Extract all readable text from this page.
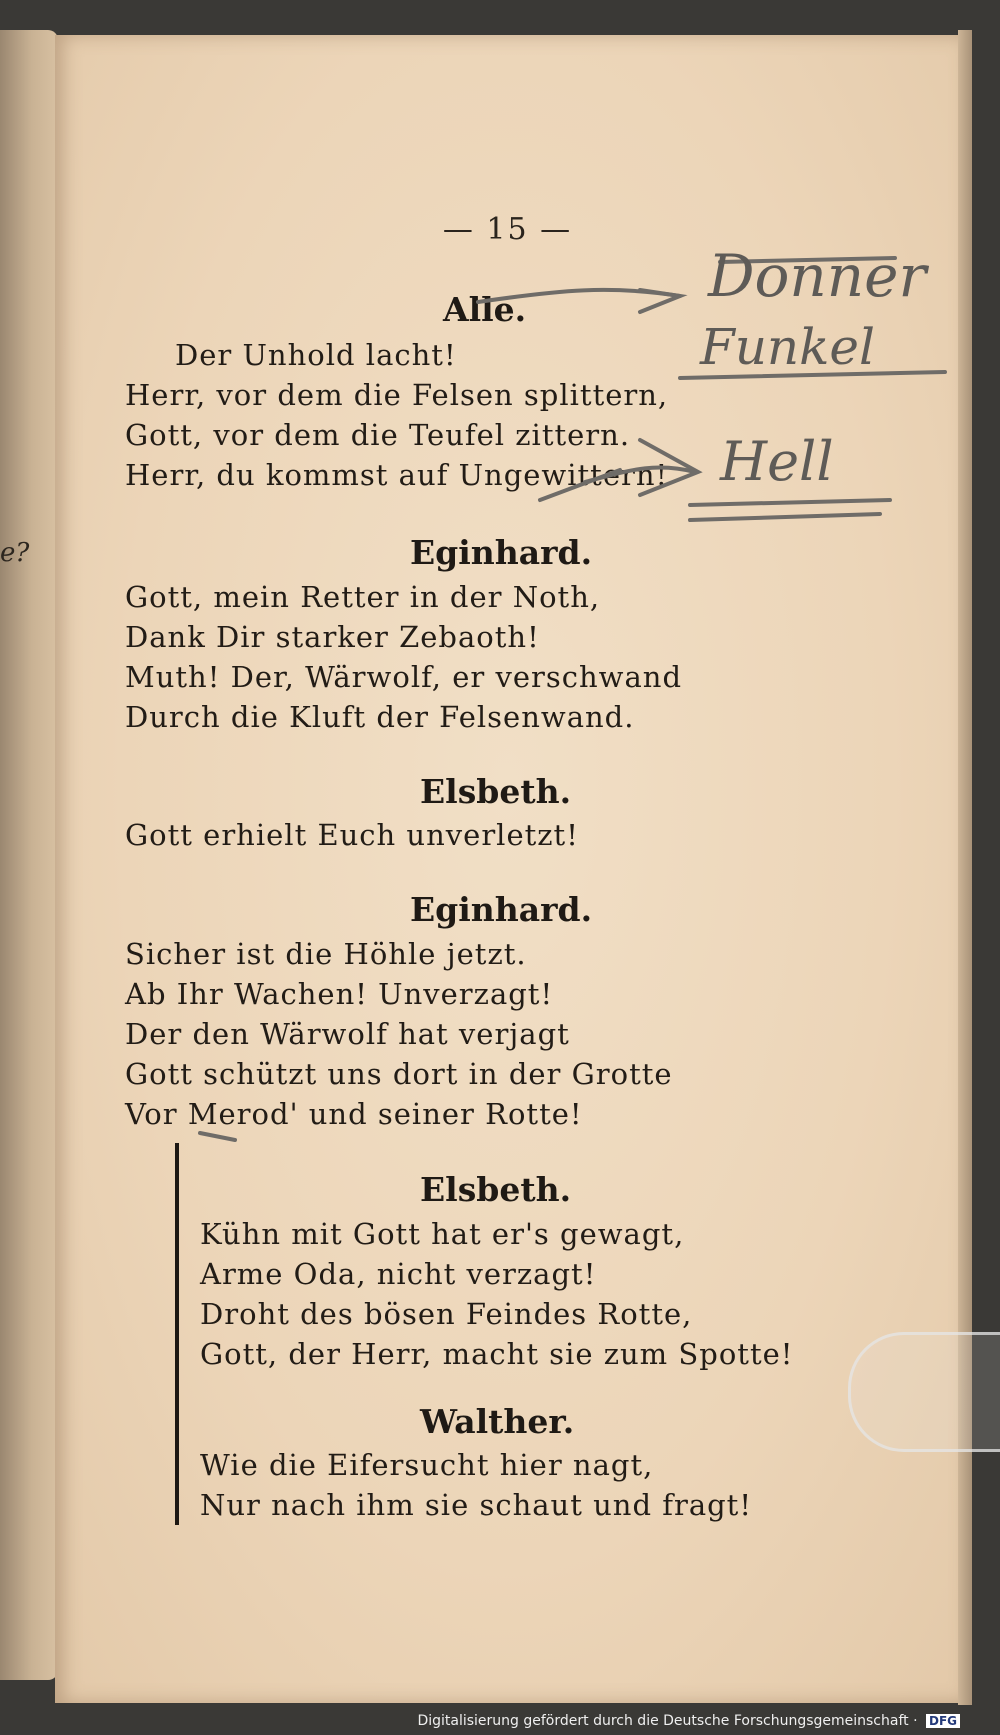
e?
— 15 —
Alle.
Der Unhold lacht!
Herr, vor dem die Felsen splittern,
Gott, vor dem die Teufel zittern.
Herr, du kommst auf Ungewittern!
Eginhard.
Gott, mein Retter in der Noth,
Dank Dir starker Zebaoth!
Muth! Der, Wärwolf, er verschwand
Durch die Kluft der Felsenwand.
Elsbeth.
Gott erhielt Euch unverletzt!
Eginhard.
Sicher ist die Höhle jetzt.
Ab Ihr Wachen! Unverzagt!
Der den Wärwolf hat verjagt
Gott schützt uns dort in der Grotte
Vor Merod' und seiner Rotte!
Elsbeth.
Kühn mit Gott hat er's gewagt,
Arme Oda, nicht verzagt!
Droht des bösen Feindes Rotte,
Gott, der Herr, macht sie zum Spotte!
Walther.
Wie die Eifersucht hier nagt,
Nur nach ihm sie schaut und fragt!
Donner
Funkel
Hell
Digitalisierung gefördert durch die Deutsche Forschungsgemeinschaft · DFG
